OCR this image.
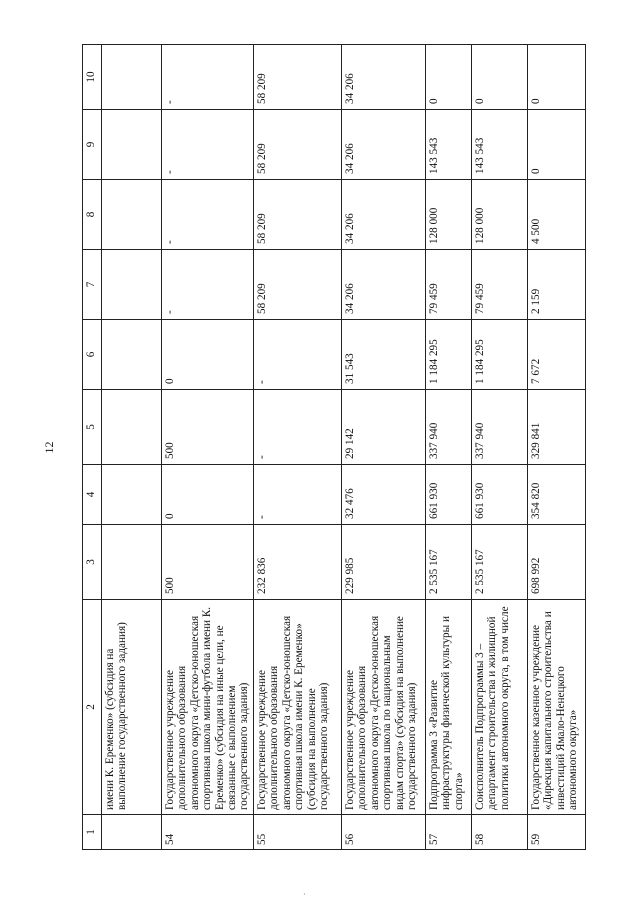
12
1	2	3	4	5	6	7	8	9	10
	имени К. Еременко» (субсидия на выполнение государственного задания)								
54	Государственное учреждение дополнительного образования автономного округа «Детско-юношеская спортивная школа мини-футбола имени К. Еременко» (субсидия на иные цели, не связанные с выполнением государственного задания)	500	0	500	0	-	-	-	-
55	Государственное учреждение дополнительного образования автономного округа «Детско-юношеская спортивная школа имени К. Еременко» (субсидия на выполнение государственного задания)	232 836	-	-	-	58 209	58 209	58 209	58 209
56	Государственное учреждение дополнительного образования автономного округа «Детско-юношеская спортивная школа по национальным видам спорта» (субсидия на выполнение государственного задания)	229 985	32 476	29 142	31 543	34 206	34 206	34 206	34 206
57	Подпрограмма 3 «Развитие инфраструктуры физической культуры и спорта»	2 535 167	661 930	337 940	1 184 295	79 459	128 000	143 543	0
58	Соисполнитель Подпрограммы 3 – департамент строительства и жилищной политики автономного округа, в том числе	2 535 167	661 930	337 940	1 184 295	79 459	128 000	143 543	0
59	Государственное казенное учреждение «Дирекция капитального строительства и инвестиций Ямало-Ненецкого автономного округа»	698 992	354 820	329 841	7 672	2 159	4 500	0	0
·
